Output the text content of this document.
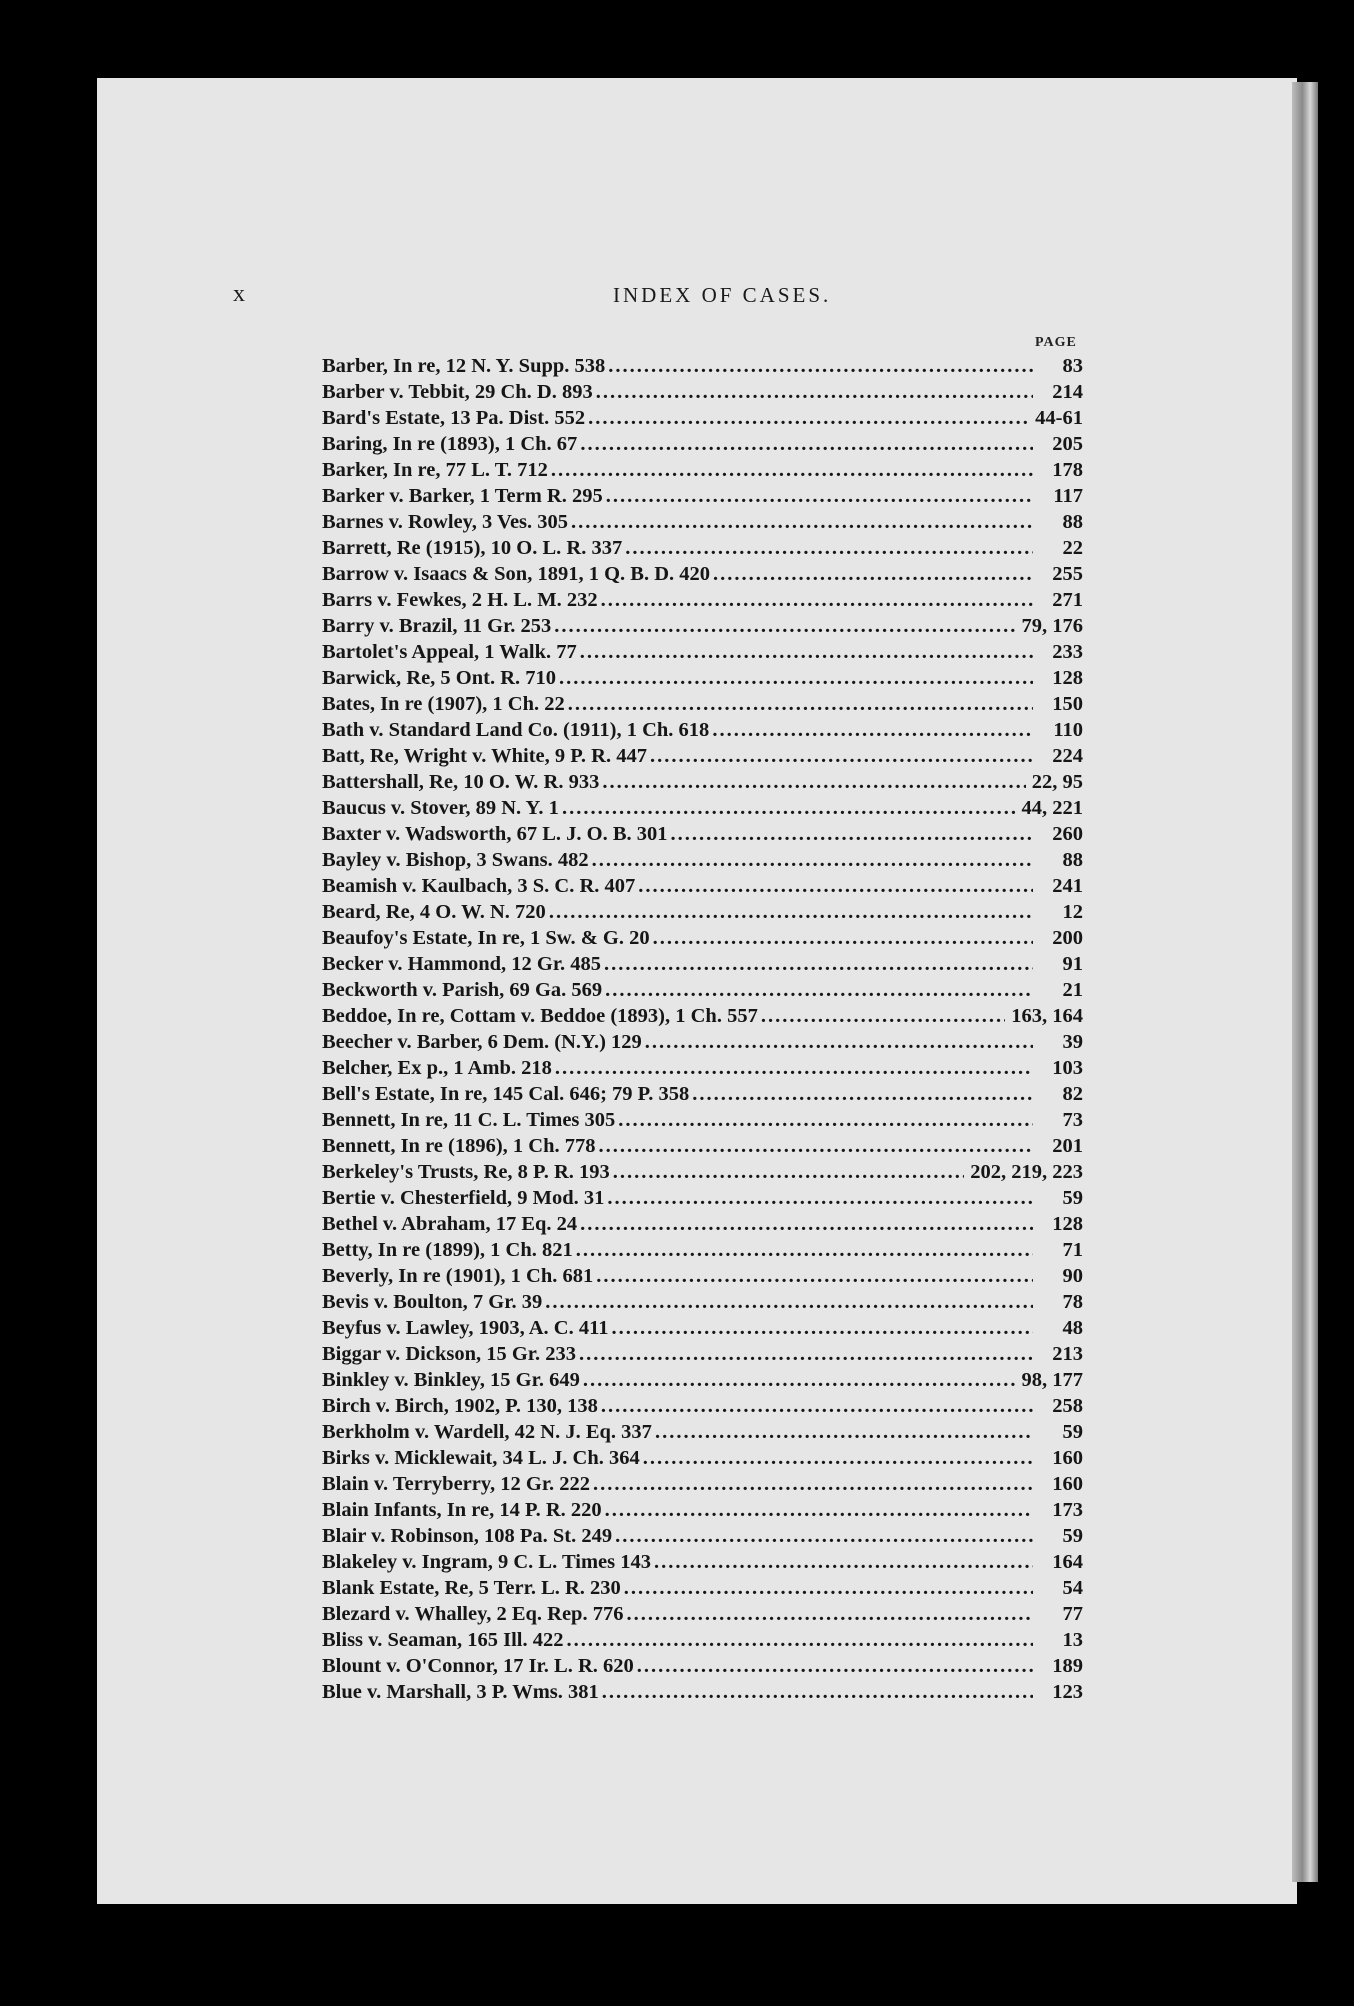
x	INDEX OF CASES.
PAGE
Barber, In re, 12 N. Y. Supp. 538 .....	83
Barber v. Tebbit, 29 Ch. D. 893 .....	214
Bard's Estate, 13 Pa. Dist. 552 .....	44-61
Baring, In re (1893), 1 Ch. 67 .....	205
Barker, In re, 77 L. T. 712 .....	178
Barker v. Barker, 1 Term R. 295 .....	117
Barnes v. Rowley, 3 Ves. 305 .....	88
Barrett, Re (1915), 10 O. L. R. 337 .....	22
Barrow v. Isaacs & Son, 1891, 1 Q. B. D. 420 .....	255
Barrs v. Fewkes, 2 H. L. M. 232 .....	271
Barry v. Brazil, 11 Gr. 253 .....	79, 176
Bartolet's Appeal, 1 Walk. 77 .....	233
Barwick, Re, 5 Ont. R. 710 .....	128
Bates, In re (1907), 1 Ch. 22 .....	150
Bath v. Standard Land Co. (1911), 1 Ch. 618 .....	110
Batt, Re, Wright v. White, 9 P. R. 447 .....	224
Battershall, Re, 10 O. W. R. 933 .....	22, 95
Baucus v. Stover, 89 N. Y. 1 .....	44, 221
Baxter v. Wadsworth, 67 L. J. O. B. 301 .....	260
Bayley v. Bishop, 3 Swans. 482 .....	88
Beamish v. Kaulbach, 3 S. C. R. 407 .....	241
Beard, Re, 4 O. W. N. 720 .....	12
Beaufoy's Estate, In re, 1 Sw. & G. 20 .....	200
Becker v. Hammond, 12 Gr. 485 .....	91
Beckworth v. Parish, 69 Ga. 569 .....	21
Beddoe, In re, Cottam v. Beddoe (1893), 1 Ch. 557 .....	163, 164
Beecher v. Barber, 6 Dem. (N.Y.) 129 .....	39
Belcher, Ex p., 1 Amb. 218 .....	103
Bell's Estate, In re, 145 Cal. 646; 79 P. 358 .....	82
Bennett, In re, 11 C. L. Times 305 .....	73
Bennett, In re (1896), 1 Ch. 778 .....	201
Berkeley's Trusts, Re, 8 P. R. 193 .....	202, 219, 223
Bertie v. Chesterfield, 9 Mod. 31 .....	59
Bethel v. Abraham, 17 Eq. 24 .....	128
Betty, In re (1899), 1 Ch. 821 .....	71
Beverly, In re (1901), 1 Ch. 681 .....	90
Bevis v. Boulton, 7 Gr. 39 .....	78
Beyfus v. Lawley, 1903, A. C. 411 .....	48
Biggar v. Dickson, 15 Gr. 233 .....	213
Binkley v. Binkley, 15 Gr. 649 .....	98, 177
Birch v. Birch, 1902, P. 130, 138 .....	258
Berkholm v. Wardell, 42 N. J. Eq. 337 .....	59
Birks v. Micklewait, 34 L. J. Ch. 364 .....	160
Blain v. Terryberry, 12 Gr. 222 .....	160
Blain Infants, In re, 14 P. R. 220 .....	173
Blair v. Robinson, 108 Pa. St. 249 .....	59
Blakeley v. Ingram, 9 C. L. Times 143 .....	164
Blank Estate, Re, 5 Terr. L. R. 230 .....	54
Blezard v. Whalley, 2 Eq. Rep. 776 .....	77
Bliss v. Seaman, 165 Ill. 422 .....	13
Blount v. O'Connor, 17 Ir. L. R. 620 .....	189
Blue v. Marshall, 3 P. Wms. 381 .....	123
